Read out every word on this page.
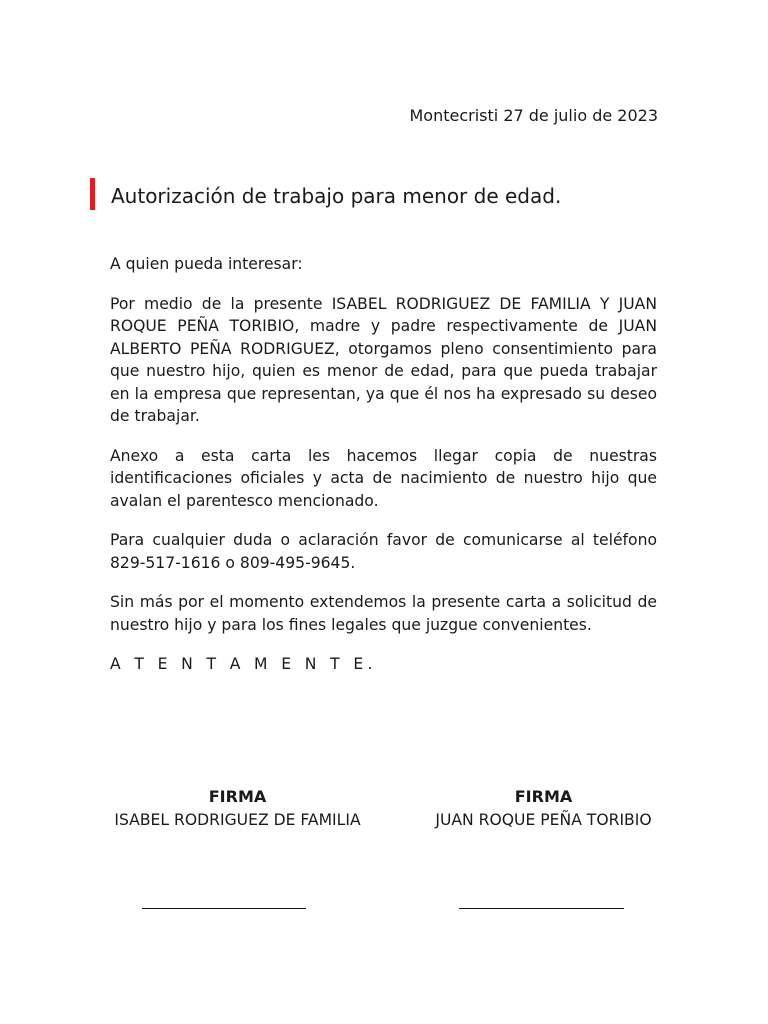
Montecristi 27 de julio de 2023
Autorización de trabajo para menor de edad.

A quien pueda interesar:

Por medio de la presente ISABEL RODRIGUEZ DE FAMILIA Y JUAN ROQUE PEÑA TORIBIO, madre y padre respectivamente de JUAN ALBERTO PEÑA RODRIGUEZ, otorgamos pleno consentimiento para que nuestro hijo, quien es menor de edad, para que pueda trabajar en la empresa que representan, ya que él nos ha expresado su deseo de trabajar.

Anexo a esta carta les hacemos llegar copia de nuestras identificaciones oficiales y acta de nacimiento de nuestro hijo que avalan el parentesco mencionado.

Para cualquier duda o aclaración favor de comunicarse al teléfono 829-517-1616 o 809-495-9645.

Sin más por el momento extendemos la presente carta a solicitud de nuestro hijo y para los fines legales que juzgue convenientes.

A T E N T A M E N T E.

FIRMA
ISABEL RODRIGUEZ DE FAMILIA
FIRMA
JUAN ROQUE PEÑA TORIBIO
